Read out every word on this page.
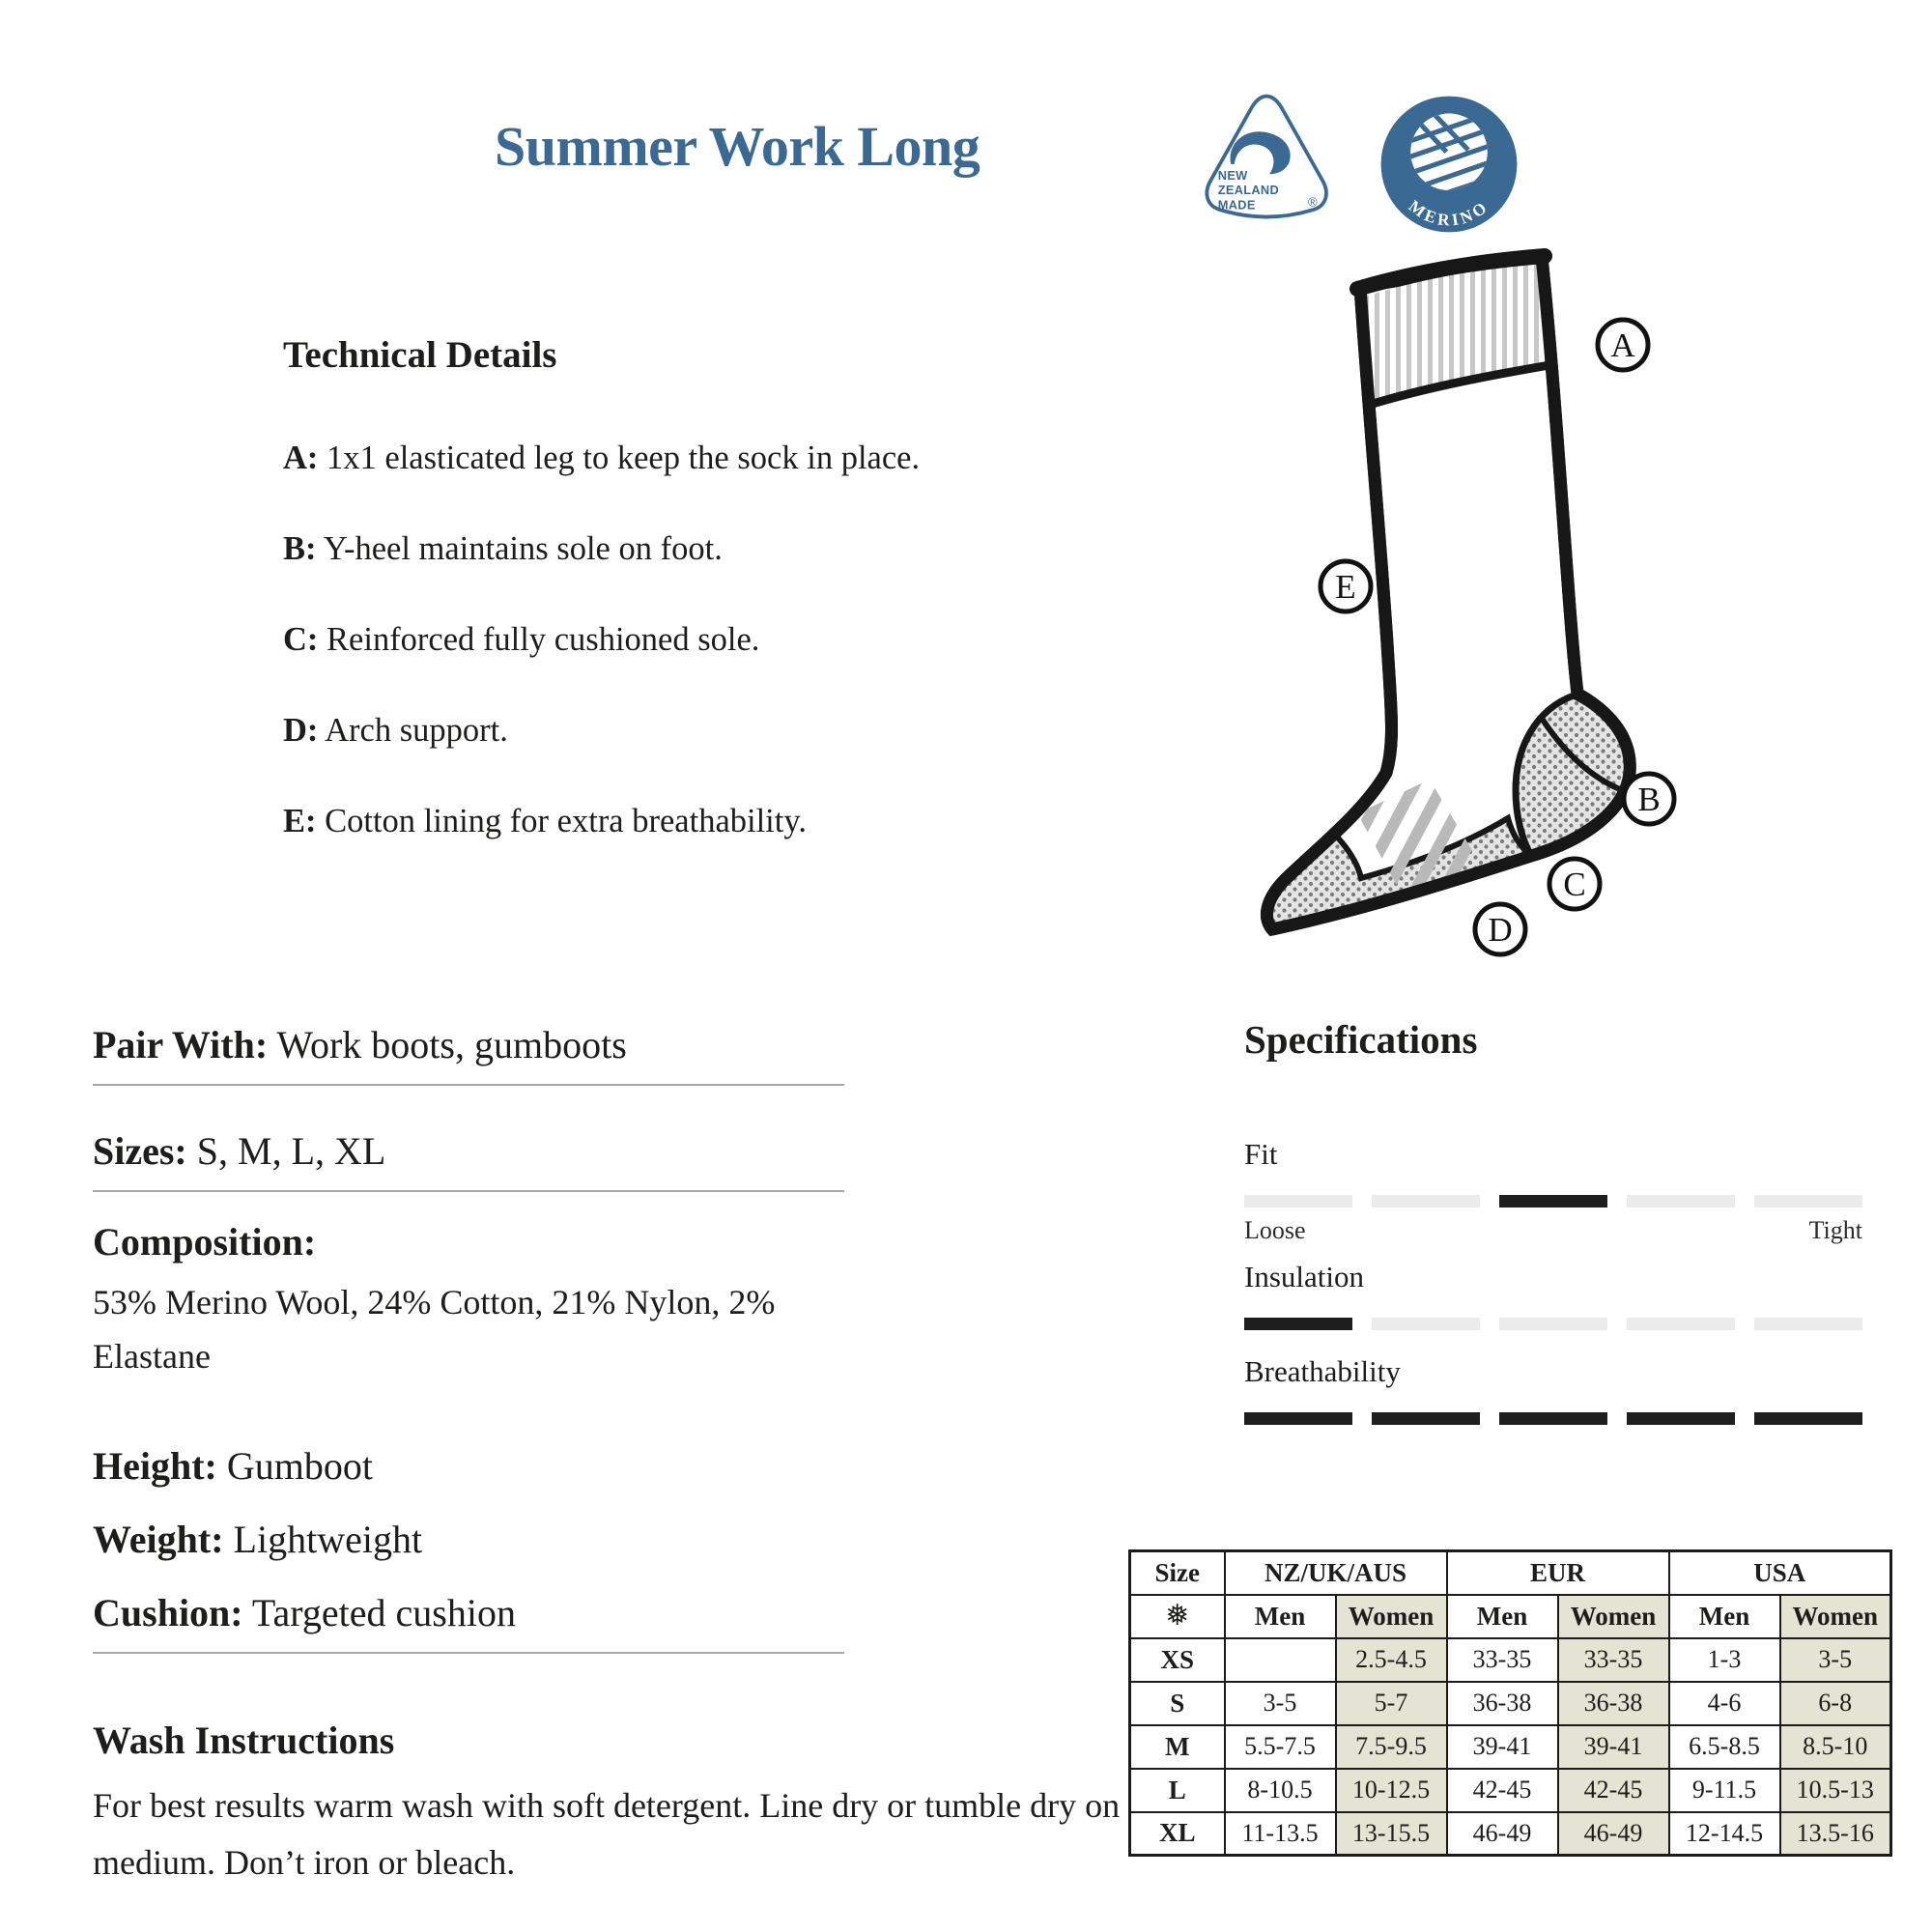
Summer Work Long	NEW
ZEALAND
MADE	®	MERINO
Technical Details

A: 1x1 elasticated leg to keep the sock in place.

B: Y-heel maintains sole on foot.

C: Reinforced fully cushioned sole.

D: Arch support.

E: Cotton lining for extra breathability.

A
E
B
C
D
Pair With: Work boots, gumboots
Sizes: S, M, L, XL
Composition:
53% Merino Wool, 24% Cotton, 21% Nylon, 2% Elastane
Height: Gumboot
Weight: Lightweight
Cushion: Targeted cushion
Wash Instructions
For best results warm wash with soft detergent. Line dry or tumble dry on medium. Don’t iron or bleach.
Specifications
Fit
Loose	Tight
Insulation
Breathability
Size	NZ/UK/AUS		EUR		USA	
❅	Men	Women	Men	Women	Men	Women
XS		2.5-4.5	33-35	33-35	1-3	3-5
S	3-5	5-7	36-38	36-38	4-6	6-8
M	5.5-7.5	7.5-9.5	39-41	39-41	6.5-8.5	8.5-10
L	8-10.5	10-12.5	42-45	42-45	9-11.5	10.5-13
XL	11-13.5	13-15.5	46-49	46-49	12-14.5	13.5-16
